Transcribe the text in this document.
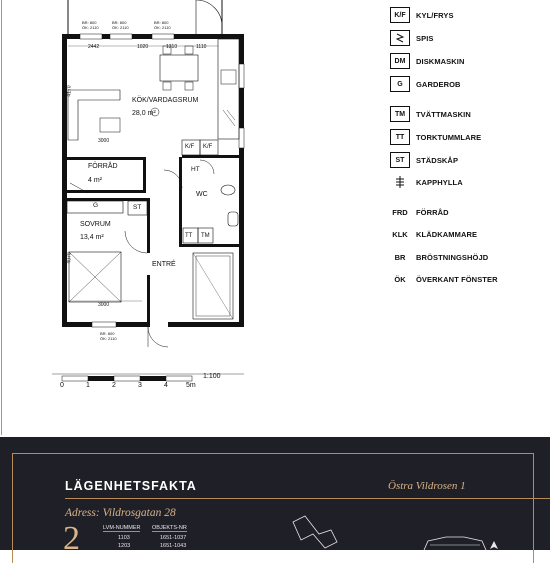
KÖK/VARDAGSRUM
28,0 m²
FÖRRÅD
4 m²
SOVRUM
13,4 m²
ENTRÉ
WC
HT
K/F K/F
ST
G
TT TM
2442	1020	1310	1110
4170
3000
3000
4070
BR: 800
ÖK: 2110
BR: 800
ÖK: 2110
BR: 800
ÖK: 2110
BR: 800
ÖK: 2110
0	1	2	3	4	5m
1:100
K/F	KYL/FRYS
SPIS
DM	DISKMASKIN
G	GARDEROB
TM	TVÄTTMASKIN
TT	TORKTUMMLARE
ST	STÄDSKÅP
KAPPHYLLA
FRD	FÖRRÅD
KLK	KLÄDKAMMARE
BR	BRÖSTNINGSHÖJD
ÖK	ÖVERKANT FÖNSTER
LÄGENHETSFAKTA	Östra Vildrosen 1
Adress: Vildrosgatan 28
2	LVM-NUMMER OBJEKTS-NR
1103	1651-1037
1203	1651-1043
